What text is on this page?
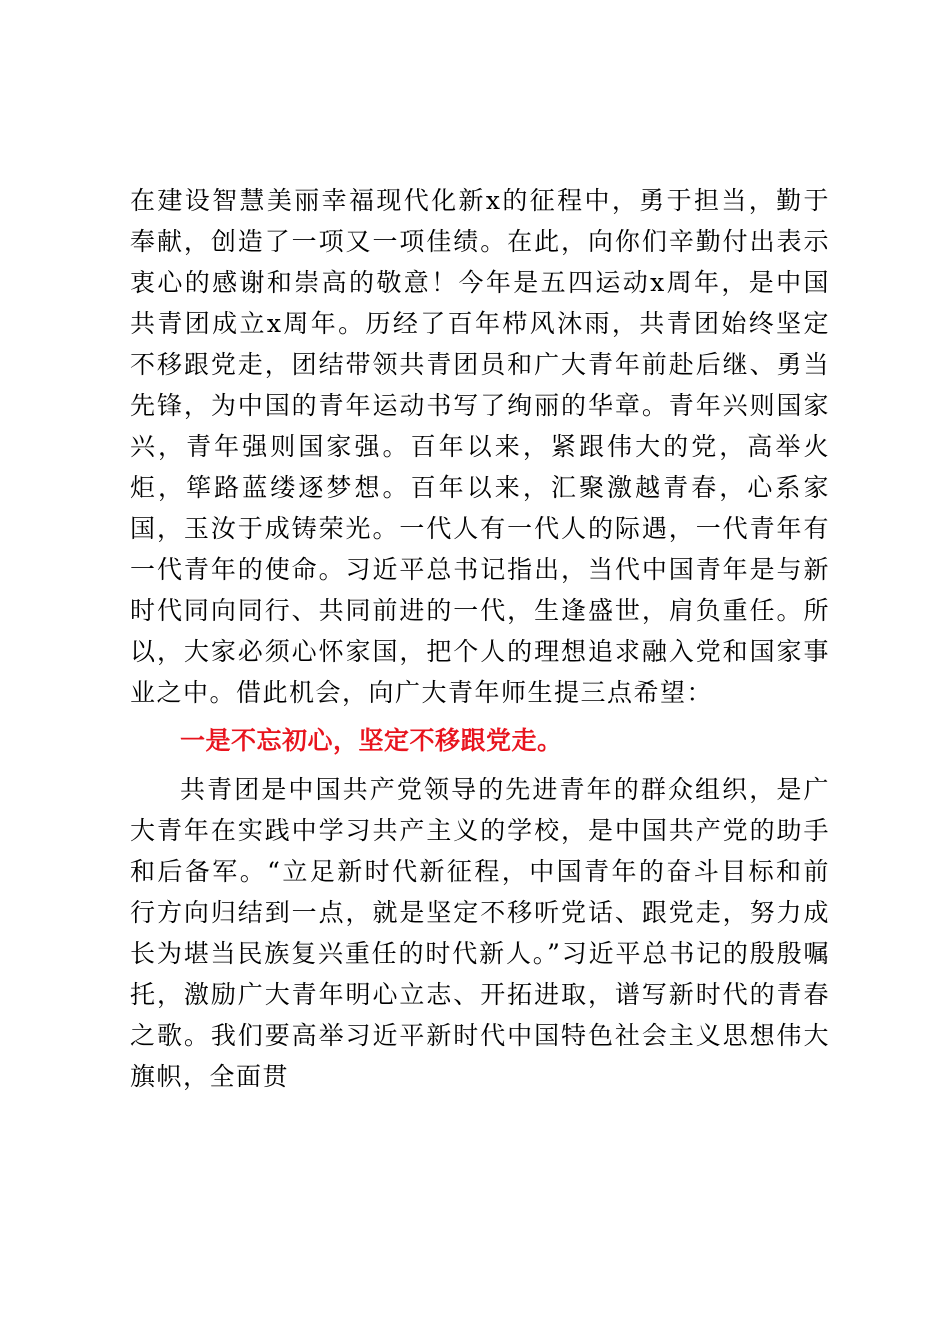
在建设智慧美丽幸福现代化新x的征程中，勇于担当，勤于奉献，创造了一项又一项佳绩。在此，向你们辛勤付出表示衷心的感谢和崇高的敬意！今年是五四运动x周年，是中国共青团成立x周年。历经了百年栉风沐雨，共青团始终坚定不移跟党走，团结带领共青团员和广大青年前赴后继、勇当先锋，为中国的青年运动书写了绚丽的华章。青年兴则国家兴，青年强则国家强。百年以来，紧跟伟大的党，高举火炬，筚路蓝缕逐梦想。百年以来，汇聚激越青春，心系家国，玉汝于成铸荣光。一代人有一代人的际遇，一代青年有一代青年的使命。习近平总书记指出，当代中国青年是与新时代同向同行、共同前进的一代，生逢盛世，肩负重任。所以，大家必须心怀家国，把个人的理想追求融入党和国家事业之中。借此机会，向广大青年师生提三点希望：

一是不忘初心，坚定不移跟党走。

共青团是中国共产党领导的先进青年的群众组织，是广大青年在实践中学习共产主义的学校，是中国共产党的助手和后备军。“立足新时代新征程，中国青年的奋斗目标和前行方向归结到一点，就是坚定不移听党话、跟党走，努力成长为堪当民族复兴重任的时代新人。”习近平总书记的殷殷嘱托，激励广大青年明心立志、开拓进取，谱写新时代的青春之歌。我们要高举习近平新时代中国特色社会主义思想伟大旗帜，全面贯
